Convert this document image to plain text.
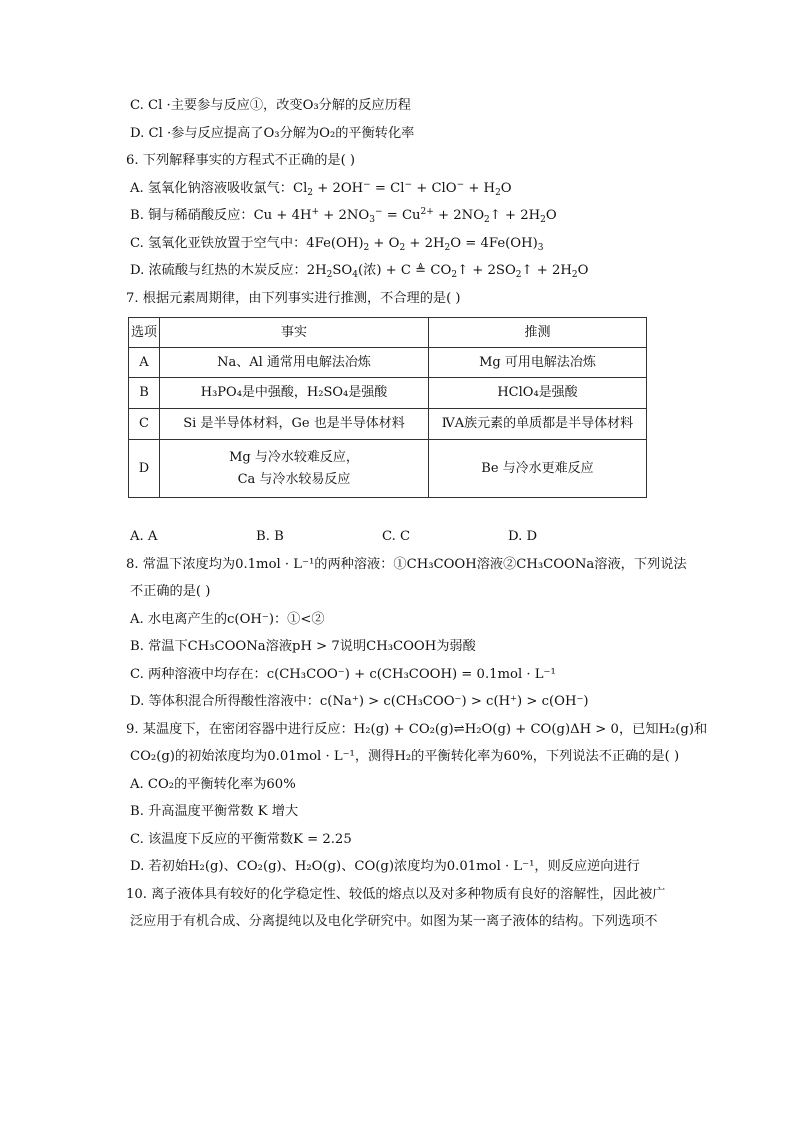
C. Cl ·主要参与反应①，改变O₃分解的反应历程
D. Cl ·参与反应提高了O₃分解为O₂的平衡转化率
6. 下列解释事实的方程式不正确的是( )
A. 氢氧化钠溶液吸收氯气：$Cl_2 + 2OH^- = Cl^- + ClO^- + H_2O$
B. 铜与稀硝酸反应：$Cu + 4H^+ + 2NO_3^- = Cu^{2+}$ + $2NO_2↑ + 2H_2O$
C. 氢氧化亚铁放置于空气中：$4Fe(OH)_2 + O_2 + 2H_2O = 4Fe(OH)_3$
D. 浓硫酸与红热的木炭反应：$2H_2SO_4$(浓) + C ≜ $CO_2↑$ + $2SO_2↑ + 2H_2O$
7. 根据元素周期律，由下列事实进行推测，不合理的是( )
选项	事实	推测
A	Na、Al 通常用电解法冶炼	Mg 可用电解法冶炼
B	H₃PO₄是中强酸，H₂SO₄是强酸	HClO₄是强酸
C	Si 是半导体材料，Ge 也是半导体材料	ⅣA族元素的单质都是半导体材料
D	Mg 与冷水较难反应，
Ca 与冷水较易反应	Be 与冷水更难反应
A. A	B. B	C. C	D. D
8. 常温下浓度均为0.1mol · L⁻¹的两种溶液：①CH₃COOH溶液②CH₃COONa溶液，下列说法
不正确的是( )
A. 水电离产生的c(OH⁻)：①<②
B. 常温下CH₃COONa溶液pH > 7说明CH₃COOH为弱酸
C. 两种溶液中均存在：c(CH₃COO⁻) + c(CH₃COOH) = 0.1mol · L⁻¹
D. 等体积混合所得酸性溶液中：c(Na⁺) > c(CH₃COO⁻) > c(H⁺) > c(OH⁻)
9. 某温度下，在密闭容器中进行反应：H₂(g) + CO₂(g)⇌H₂O(g) + CO(g)ΔH > 0，已知H₂(g)和
CO₂(g)的初始浓度均为0.01mol · L⁻¹，测得H₂的平衡转化率为60%，下列说法不正确的是( )
A. CO₂的平衡转化率为60%
B. 升高温度平衡常数 K 增大
C. 该温度下反应的平衡常数K = 2.25
D. 若初始H₂(g)、CO₂(g)、H₂O(g)、CO(g)浓度均为0.01mol · L⁻¹，则反应逆向进行
10. 离子液体具有较好的化学稳定性、较低的熔点以及对多种物质有良好的溶解性，因此被广
泛应用于有机合成、分离提纯以及电化学研究中。如图为某一离子液体的结构。下列选项不
